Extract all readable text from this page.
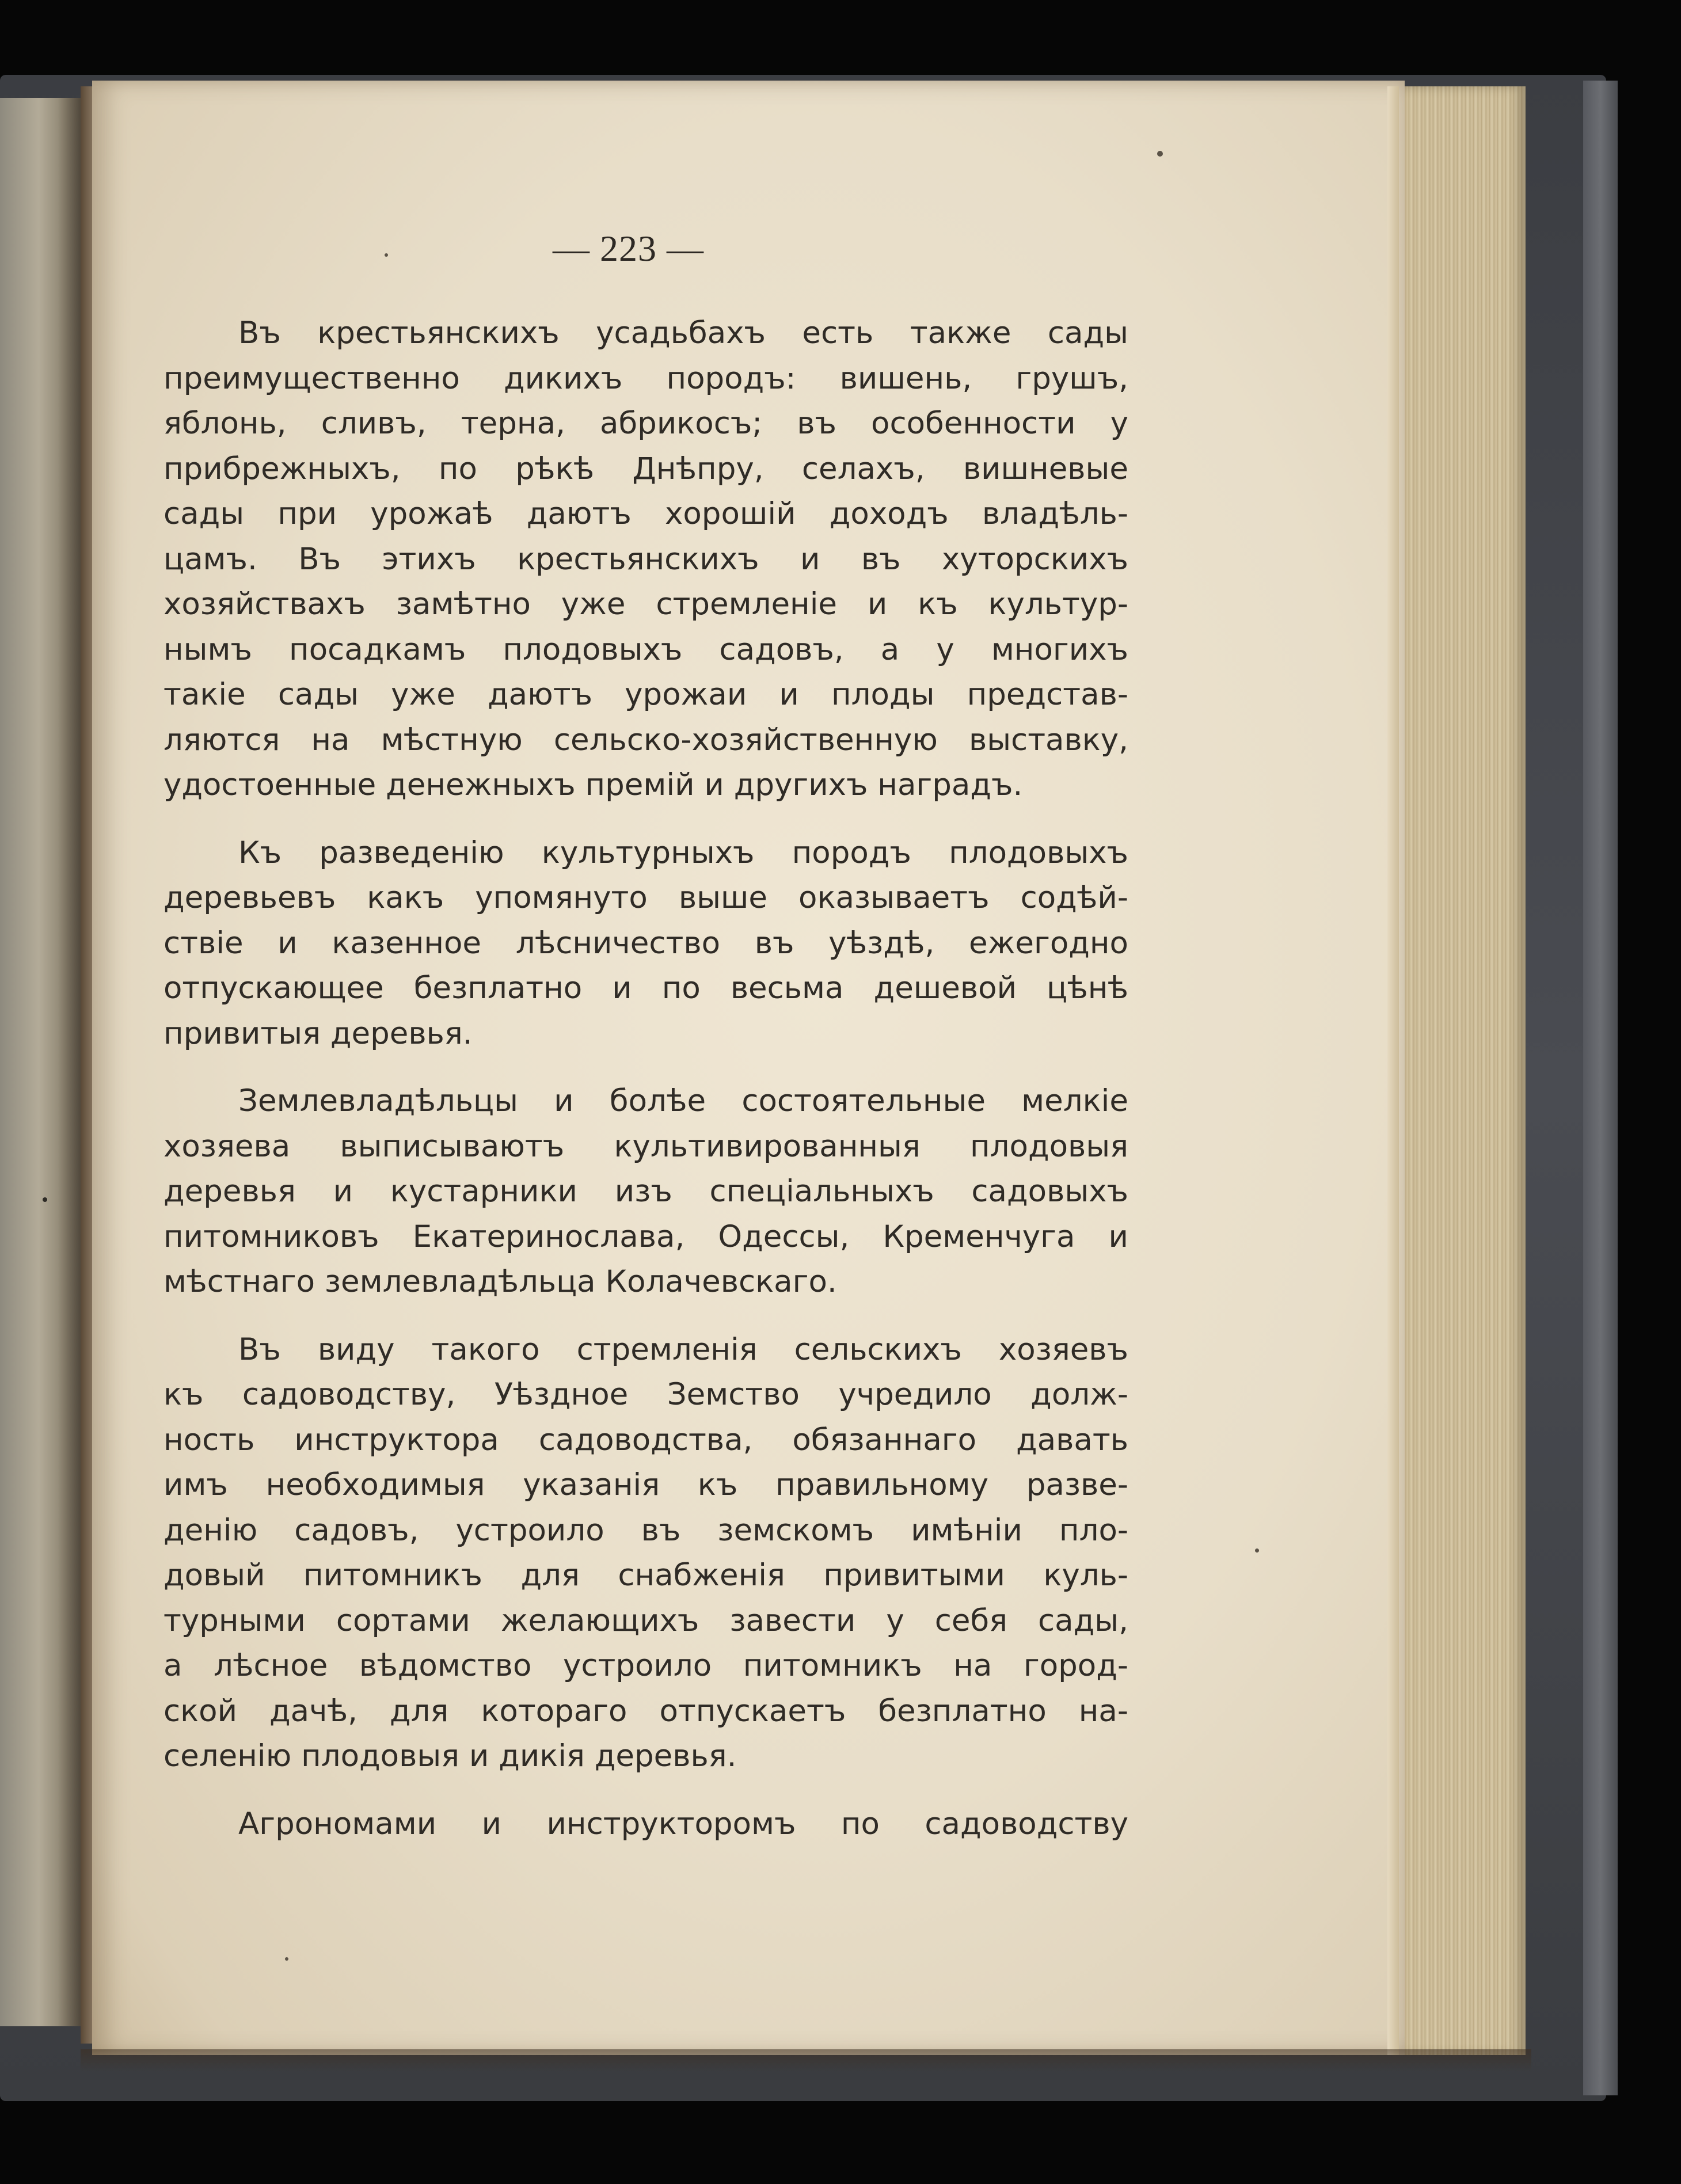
— 223 —
Въ крестьянскихъ усадьбахъ есть также сады
преимущественно дикихъ породъ: вишень, грушъ,
яблонь, сливъ, терна, абрикосъ; въ особенности у
прибрежныхъ, по рѣкѣ Днѣпру, селахъ, вишневые
сады при урожаѣ даютъ хорошій доходъ владѣль-
цамъ. Въ этихъ крестьянскихъ и въ хуторскихъ
хозяйствахъ замѣтно уже стремленіе и къ культур-
нымъ посадкамъ плодовыхъ садовъ, а у многихъ
такіе сады уже даютъ урожаи и плоды представ-
ляются на мѣстную сельско-хозяйственную выставку,
удостоенные денежныхъ премій и другихъ наградъ.
Къ разведенію культурныхъ породъ плодовыхъ
деревьевъ какъ упомянуто выше оказываетъ содѣй-
ствіе и казенное лѣсничество въ уѣздѣ, ежегодно
отпускающее безплатно и по весьма дешевой цѣнѣ
привитыя деревья.
Землевладѣльцы и болѣе состоятельные мелкіе
хозяева выписываютъ культивированныя плодовыя
деревья и кустарники изъ спеціальныхъ садовыхъ
питомниковъ Екатеринослава, Одессы, Кременчуга и
мѣстнаго землевладѣльца Колачевскаго.
Въ виду такого стремленія сельскихъ хозяевъ
къ садоводству, Уѣздное Земство учредило долж-
ность инструктора садоводства, обязаннаго давать
имъ необходимыя указанія къ правильному разве-
денію садовъ, устроило въ земскомъ имѣніи пло-
довый питомникъ для снабженія привитыми куль-
турными сортами желающихъ завести у себя сады,
а лѣсное вѣдомство устроило питомникъ на город-
ской дачѣ, для котораго отпускаетъ безплатно на-
селенію плодовыя и дикія деревья.
Агрономами и инструкторомъ по садоводству
